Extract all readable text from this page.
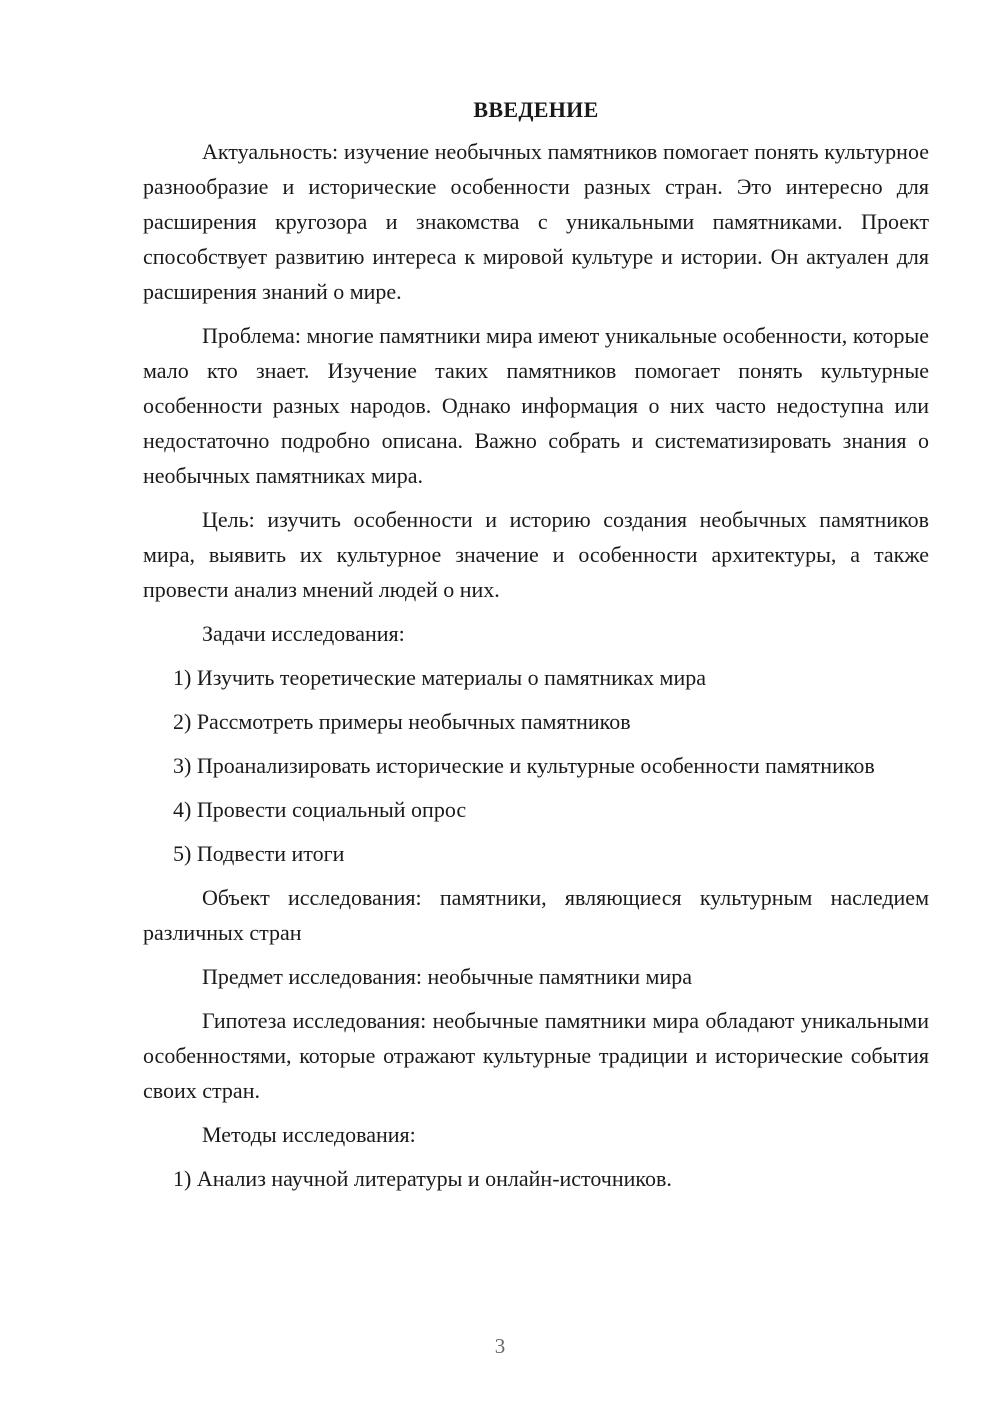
ВВЕДЕНИЕ

Актуальность: изучение необычных памятников помогает понять культурное разнообразие и исторические особенности разных стран. Это интересно для расширения кругозора и знакомства с уникальными памятниками. Проект способствует развитию интереса к мировой культуре и истории. Он актуален для расширения знаний о мире.

Проблема: многие памятники мира имеют уникальные особенности, которые мало кто знает. Изучение таких памятников помогает понять культурные особенности разных народов. Однако информация о них часто недоступна или недостаточно подробно описана. Важно собрать и систематизировать знания о необычных памятниках мира.

Цель: изучить особенности и историю создания необычных памятников мира, выявить их культурное значение и особенности архитектуры, а также провести анализ мнений людей о них.

Задачи исследования:

1) Изучить теоретические материалы о памятниках мира

2) Рассмотреть примеры необычных памятников

3) Проанализировать исторические и культурные особенности памятников

4) Провести социальный опрос

5) Подвести итоги

Объект исследования: памятники, являющиеся культурным наследием различных стран

Предмет исследования: необычные памятники мира

Гипотеза исследования: необычные памятники мира обладают уникальными особенностями, которые отражают культурные традиции и исторические события своих стран.

Методы исследования:

1) Анализ научной литературы и онлайн-источников.

3
